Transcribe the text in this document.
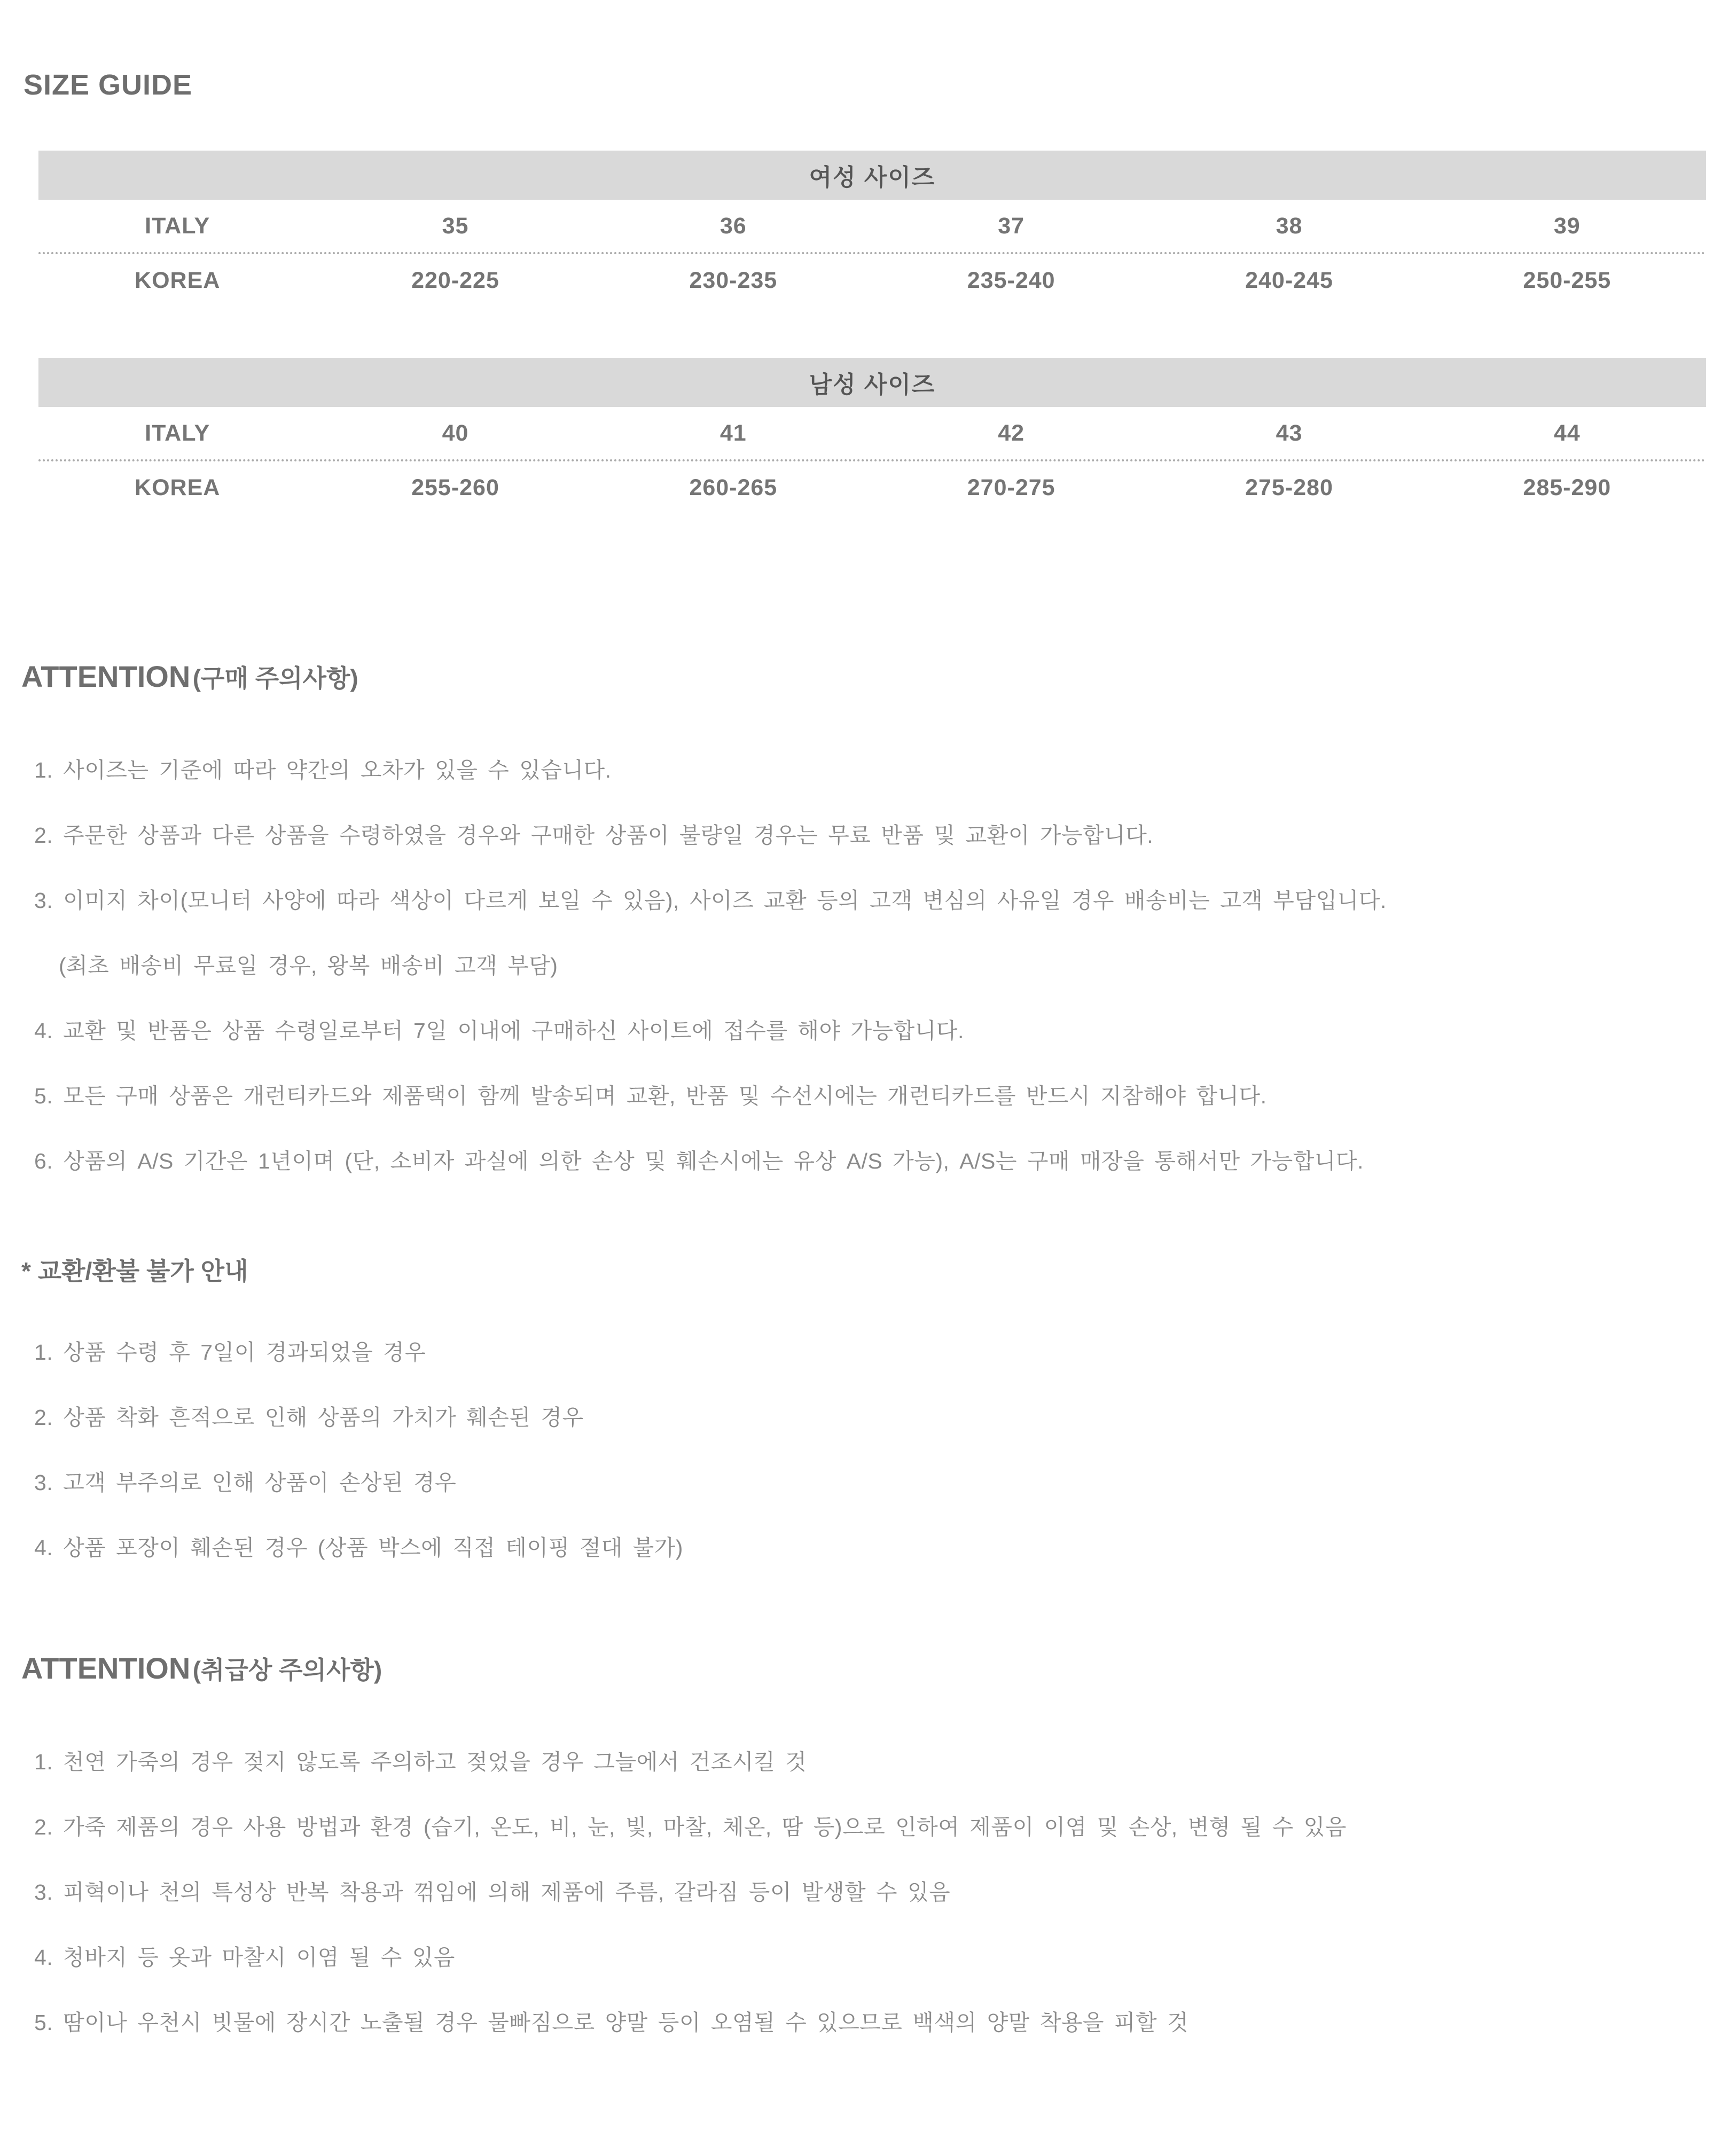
SIZE GUIDE
여성 사이즈
ITALY	35	36	37	38	39
KOREA	220-225	230-235	235-240	240-245	250-255
남성 사이즈
ITALY	40	41	42	43	44
KOREA	255-260	260-265	270-275	275-280	285-290
ATTENTION (구매 주의사항)
1. 사이즈는 기준에 따라 약간의 오차가 있을 수 있습니다.
2. 주문한 상품과 다른 상품을 수령하였을 경우와 구매한 상품이 불량일 경우는 무료 반품 및 교환이 가능합니다.
3. 이미지 차이(모니터 사양에 따라 색상이 다르게 보일 수 있음), 사이즈 교환 등의 고객 변심의 사유일 경우 배송비는 고객 부담입니다.
(최초 배송비 무료일 경우, 왕복 배송비 고객 부담)
4. 교환 및 반품은 상품 수령일로부터 7일 이내에 구매하신 사이트에 접수를 해야 가능합니다.
5. 모든 구매 상품은 개런티카드와 제품택이 함께 발송되며 교환, 반품 및 수선시에는 개런티카드를 반드시 지참해야 합니다.
6. 상품의 A/S 기간은 1년이며 (단, 소비자 과실에 의한 손상 및 훼손시에는 유상 A/S 가능), A/S는 구매 매장을 통해서만 가능합니다.
* 교환/환불 불가 안내
1. 상품 수령 후 7일이 경과되었을 경우
2. 상품 착화 흔적으로 인해 상품의 가치가 훼손된 경우
3. 고객 부주의로 인해 상품이 손상된 경우
4. 상품 포장이 훼손된 경우 (상품 박스에 직접 테이핑 절대 불가)
ATTENTION (취급상 주의사항)
1. 천연 가죽의 경우 젖지 않도록 주의하고 젖었을 경우 그늘에서 건조시킬 것
2. 가죽 제품의 경우 사용 방법과 환경 (습기, 온도, 비, 눈, 빛, 마찰, 체온, 땀 등)으로 인하여 제품이 이염 및 손상, 변형 될 수 있음
3. 피혁이나 천의 특성상 반복 착용과 꺾임에 의해 제품에 주름, 갈라짐 등이 발생할 수 있음
4. 청바지 등 옷과 마찰시 이염 될 수 있음
5. 땀이나 우천시 빗물에 장시간 노출될 경우 물빠짐으로 양말 등이 오염될 수 있으므로 백색의 양말 착용을 피할 것
